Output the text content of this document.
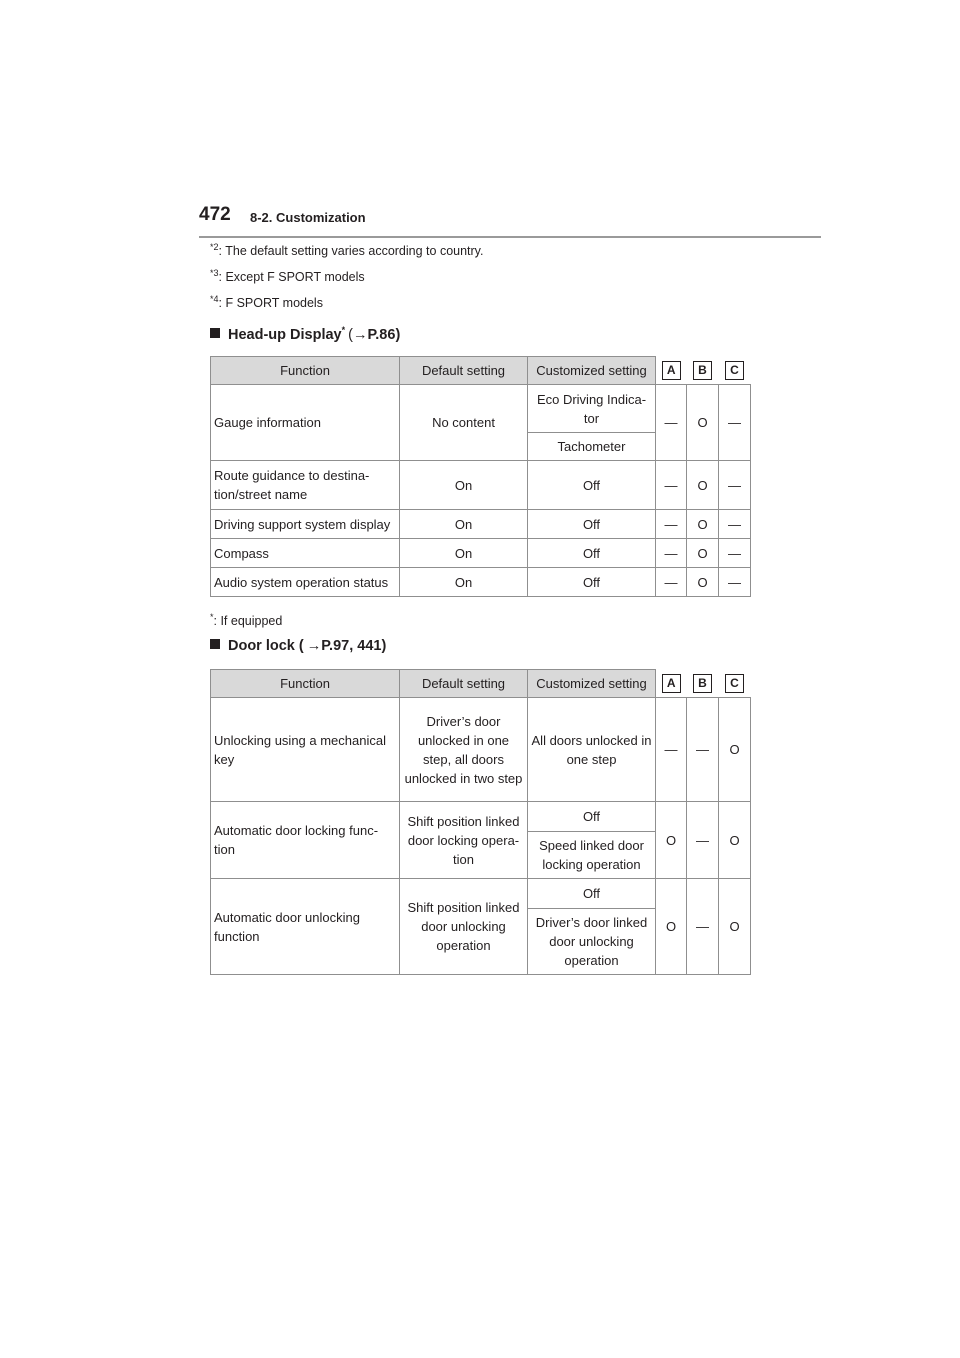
472 8-2. Customization
$^{*2}$: The default setting varies according to country.
$^{*3}$: Except F SPORT models
$^{*4}$: F SPORT models
Head-up Display* (→P.86)
Function	Default setting	Customized setting	A	B	C
Gauge information	No content	Eco Driving Indica-tor	—	O	—
		Tachometer			
Route guidance to destina-tion/street name	On	Off	—	O	—
Driving support system display	On	Off	—	O	—
Compass	On	Off	—	O	—
Audio system operation status	On	Off	—	O	—
*: If equipped
Door lock ( →P.97, 441)
Function	Default setting	Customized setting	A	B	C
Unlocking using a mechanical key	Driver’s door unlocked in one step, all doors unlocked in two step	All doors unlocked in one step	—	—	O
Automatic door locking func-tion	Shift position linked door locking opera-tion	Off	O	—	O
		Speed linked door locking operation			
Automatic door unlocking function	Shift position linked door unlocking operation	Off	O	—	O
		Driver’s door linked door unlocking operation			
